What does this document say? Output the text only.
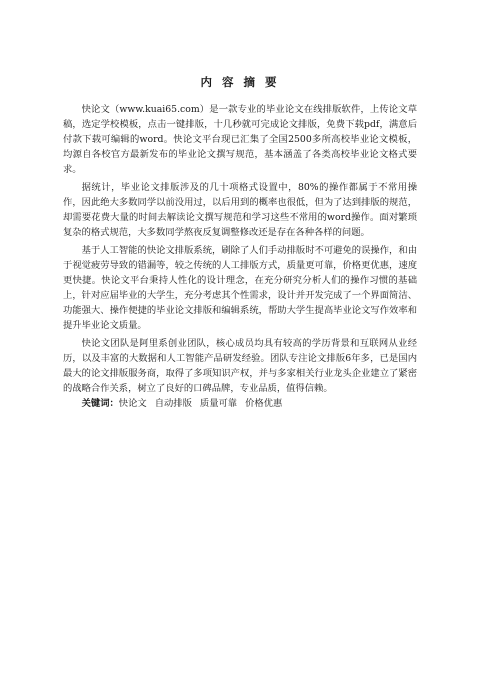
内 容 摘 要

快论文（www.kuai65.com）是一款专业的毕业论文在线排版软件，上传论文草稿，选定学校模板，点击一键排版，十几秒就可完成论文排版，免费下载pdf，满意后付款下载可编辑的word。快论文平台现已汇集了全国2500多所高校毕业论文模板，均源自各校官方最新发布的毕业论文撰写规范，基本涵盖了各类高校毕业论文格式要求。

据统计，毕业论文排版涉及的几十项格式设置中，80%的操作都属于不常用操作，因此绝大多数同学以前没用过，以后用到的概率也很低，但为了达到排版的规范，却需要花费大量的时间去解读论文撰写规范和学习这些不常用的word操作。面对繁琐复杂的格式规范，大多数同学熬夜反复调整修改还是存在各种各样的问题。

基于人工智能的快论文排版系统，刷除了人们手动排版时不可避免的误操作，和由于视觉疲劳导致的错漏等，较之传统的人工排版方式，质量更可靠，价格更优惠，速度更快捷。快论文平台秉持人性化的设计理念，在充分研究分析人们的操作习惯的基础上，针对应届毕业的大学生，充分考虑其个性需求，设计并开发完成了一个界面简洁、功能强大、操作便捷的毕业论文排版和编辑系统，帮助大学生提高毕业论文写作效率和提升毕业论文质量。

快论文团队是阿里系创业团队，核心成员均具有较高的学历背景和互联网从业经历，以及丰富的大数据和人工智能产品研发经验。团队专注论文排版6年多，已是国内最大的论文排版服务商，取得了多项知识产权，并与多家相关行业龙头企业建立了紧密的战略合作关系，树立了良好的口碑品牌，专业品质，值得信赖。

关键词：快论文 自动排版 质量可靠 价格优惠
